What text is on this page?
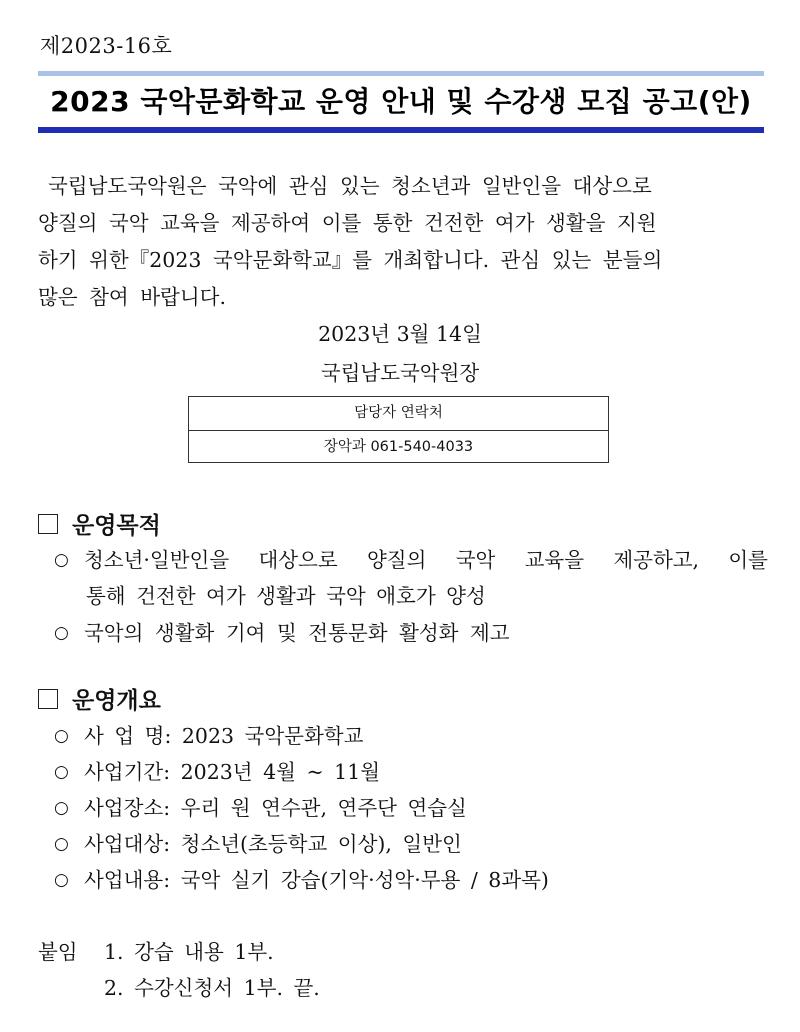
제2023-16호
2023 국악문화학교 운영 안내 및 수강생 모집 공고(안)
국립남도국악원은 국악에 관심 있는 청소년과 일반인을 대상으로
양질의 국악 교육을 제공하여 이를 통한 건전한 여가 생활을 지원
하기 위한『2023 국악문화학교』를 개최합니다. 관심 있는 분들의
많은 참여 바랍니다.
2023년 3월 14일
국립남도국악원장
담당자 연락처
장악과 061-540-4033
운영목적
○ 청소년·일반인을 대상으로 양질의 국악 교육을 제공하고, 이를
통해 건전한 여가 생활과 국악 애호가 양성
○ 국악의 생활화 기여 및 전통문화 활성화 제고
운영개요
○ 사 업 명: 2023 국악문화학교
○ 사업기간: 2023년 4월 ~ 11월
○ 사업장소: 우리 원 연수관, 연주단 연습실
○ 사업대상: 청소년(초등학교 이상), 일반인
○ 사업내용: 국악 실기 강습(기악·성악·무용 / 8과목)
붙임 1. 강습 내용 1부.
2. 수강신청서 1부. 끝.
